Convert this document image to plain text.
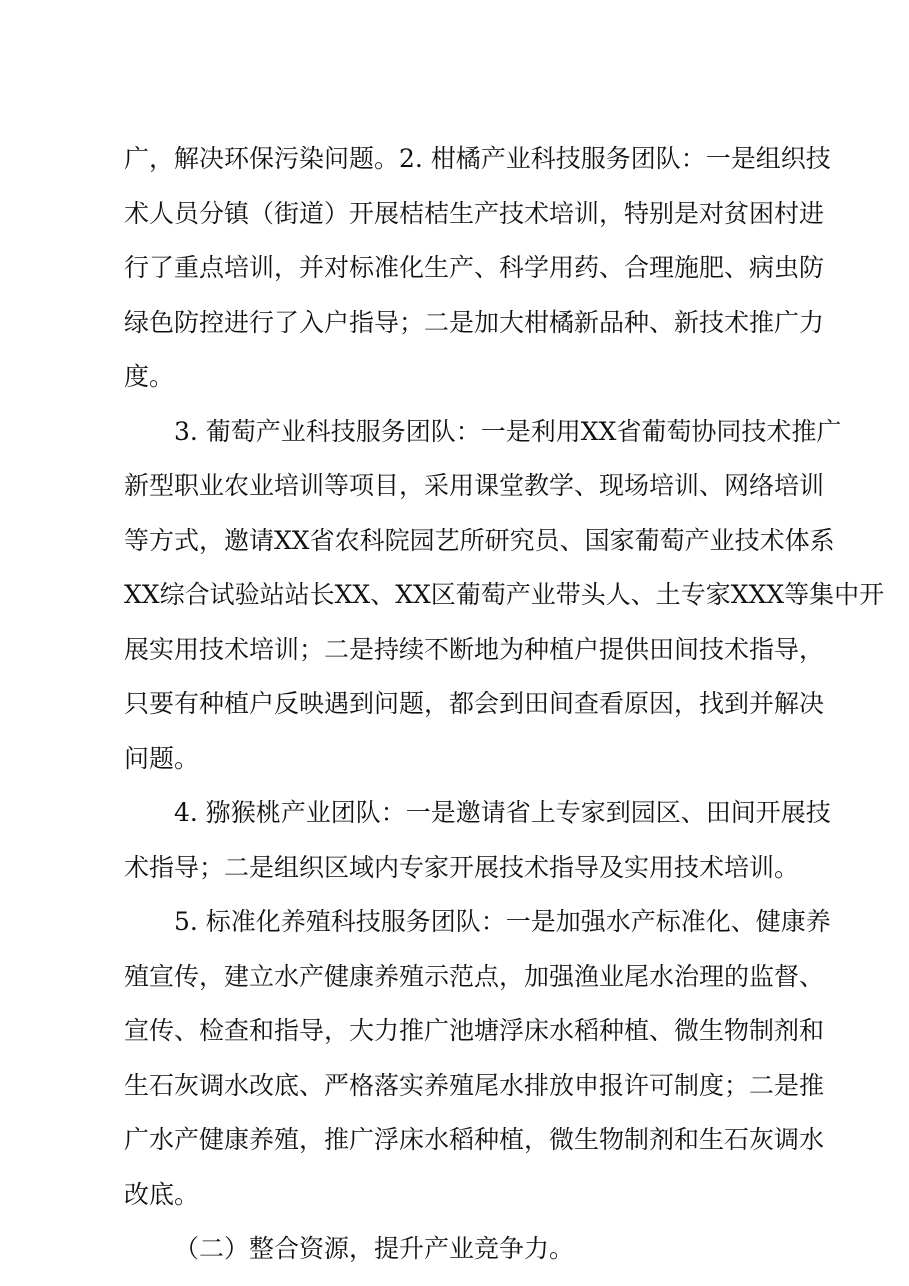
广，解决环保污染问题。2. 柑橘产业科技服务团队：一是组织技
术人员分镇（街道）开展桔桔生产技术培训，特别是对贫困村进
行了重点培训，并对标准化生产、科学用药、合理施肥、病虫防
绿色防控进行了入户指导；二是加大柑橘新品种、新技术推广力
度。
3. 葡萄产业科技服务团队：一是利用XX省葡萄协同技术推广
新型职业农业培训等项目，采用课堂教学、现场培训、网络培训
等方式，邀请XX省农科院园艺所研究员、国家葡萄产业技术体系
XX综合试验站站长XX、XX区葡萄产业带头人、土专家XXX等集中开
展实用技术培训；二是持续不断地为种植户提供田间技术指导，
只要有种植户反映遇到问题，都会到田间查看原因，找到并解决
问题。
4. 猕猴桃产业团队：一是邀请省上专家到园区、田间开展技
术指导；二是组织区域内专家开展技术指导及实用技术培训。
5. 标准化养殖科技服务团队：一是加强水产标准化、健康养
殖宣传，建立水产健康养殖示范点，加强渔业尾水治理的监督、
宣传、检查和指导，大力推广池塘浮床水稻种植、微生物制剂和
生石灰调水改底、严格落实养殖尾水排放申报许可制度；二是推
广水产健康养殖，推广浮床水稻种植，微生物制剂和生石灰调水
改底。
（二）整合资源，提升产业竞争力。
